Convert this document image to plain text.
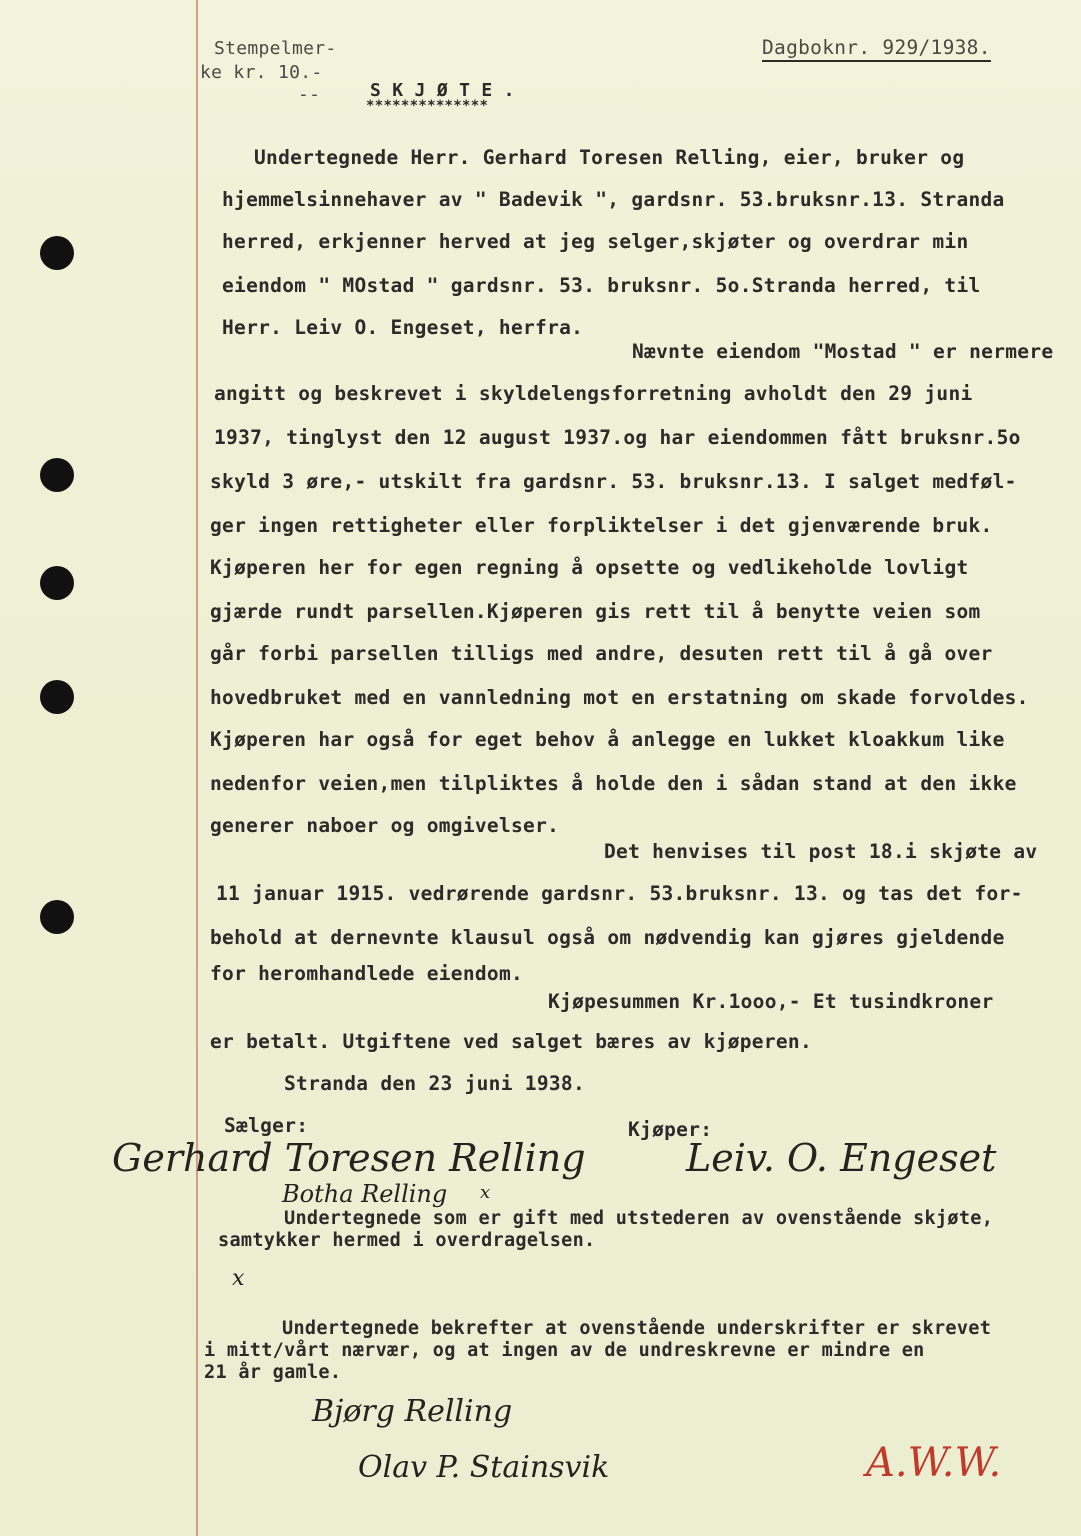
Stempelmer-
ke kr. 10.-
--
Dagboknr. 929/1938.
S K J Ø T E .
**************
Undertegnede Herr. Gerhard Toresen Relling, eier, bruker og
hjemmelsinnehaver av " Badevik ", gardsnr. 53.bruksnr.13. Stranda
herred, erkjenner herved at jeg selger,skjøter og overdrar min
eiendom " MOstad " gardsnr. 53. bruksnr. 5o.Stranda herred, til
Herr. Leiv O. Engeset, herfra.
Nævnte eiendom "Mostad " er nermere
angitt og beskrevet i skyldelengsforretning avholdt den 29 juni
1937, tinglyst den 12 august 1937.og har eiendommen fått bruksnr.5o
skyld 3 øre,- utskilt fra gardsnr. 53. bruksnr.13. I salget medføl-
ger ingen rettigheter eller forpliktelser i det gjenværende bruk.
Kjøperen her for egen regning å opsette og vedlikeholde lovligt
gjærde rundt parsellen.Kjøperen gis rett til å benytte veien som
går forbi parsellen tilligs med andre, desuten rett til å gå over
hovedbruket med en vannledning mot en erstatning om skade forvoldes.
Kjøperen har også for eget behov å anlegge en lukket kloakkum like
nedenfor veien,men tilpliktes å holde den i sådan stand at den ikke
generer naboer og omgivelser.
Det henvises til post 18.i skjøte av
11 januar 1915. vedrørende gardsnr. 53.bruksnr. 13. og tas det for-
behold at dernevnte klausul også om nødvendig kan gjøres gjeldende
for heromhandlede eiendom.
Kjøpesummen Kr.1ooo,- Et tusindkroner
er betalt. Utgiftene ved salget bæres av kjøperen.
Stranda den 23 juni 1938.
Sælger:	Kjøper:
Gerhard Toresen Relling	Leiv. O. Engeset
Botha Relling x
Undertegnede som er gift med utstederen av ovenstående skjøte,
samtykker hermed i overdragelsen.
x
Undertegnede bekrefter at ovenstående underskrifter er skrevet
i mitt/vårt nærvær, og at ingen av de undreskrevne er mindre en
21 år gamle.
Bjørg Relling
Olav P. Stainsvik	A.W.W.
